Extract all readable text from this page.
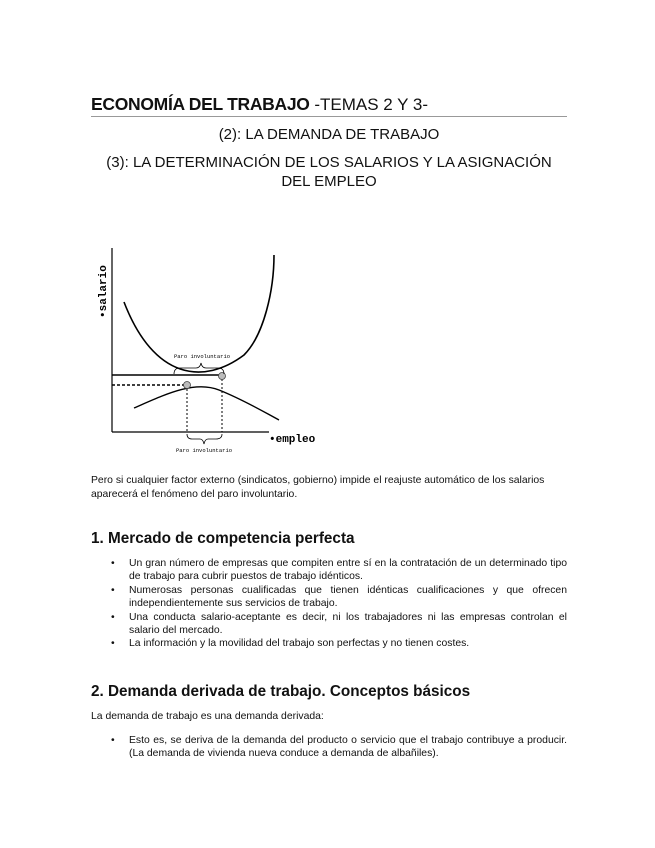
ECONOMÍA DEL TRABAJO -TEMAS 2 Y 3-
(2): LA DEMANDA DE TRABAJO
(3): LA DETERMINACIÓN DE LOS SALARIOS Y LA ASIGNACIÓN DEL EMPLEO
•salario
•empleo
Paro involuntario
Paro involuntario
Pero si cualquier factor externo (sindicatos, gobierno) impide el reajuste automático de los salarios aparecerá el fenómeno del paro involuntario.
1. Mercado de competencia perfecta
• Un gran número de empresas que compiten entre sí en la contratación de un determinado tipo de trabajo para cubrir puestos de trabajo idénticos.
• Numerosas personas cualificadas que tienen idénticas cualificaciones y que ofrecen independientemente sus servicios de trabajo.
• Una conducta salario-aceptante es decir, ni los trabajadores ni las empresas controlan el salario del mercado.
• La información y la movilidad del trabajo son perfectas y no tienen costes.
2. Demanda derivada de trabajo. Conceptos básicos
La demanda de trabajo es una demanda derivada:
• Esto es, se deriva de la demanda del producto o servicio que el trabajo contribuye a producir. (La demanda de vivienda nueva conduce a demanda de albañiles).
